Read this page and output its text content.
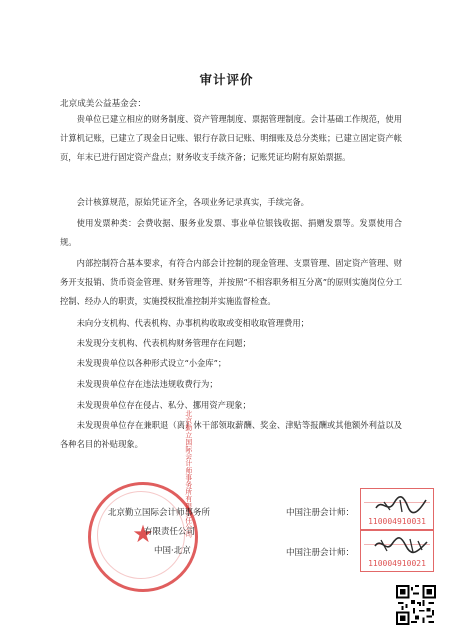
审计评价
北京成美公益基金会：
贵单位已建立相应的财务制度、资产管理制度、票据管理制度。会计基础工作规范，使用计算机记账，已建立了现金日记账、银行存款日记账、明细账及总分类账；已建立固定资产帐页，年末已进行固定资产盘点；财务收支手续齐备；记账凭证均附有原始票据。
会计核算规范，原始凭证齐全，各项业务记录真实，手续完备。
使用发票种类：会费收据、服务业发票、事业单位银钱收据、捐赠发票等。发票使用合规。
内部控制符合基本要求，有符合内部会计控制的现金管理、支票管理、固定资产管理、财务开支报销、货币资金管理、财务管理等，并按照“不相容职务相互分离”的原则实施岗位分工控制、经办人的职责，实施授权批准控制并实施监督检查。
未向分支机构、代表机构、办事机构收取或变相收取管理费用；
未发现分支机构、代表机构财务管理存在问题；
未发现贵单位以各种形式设立“小金库”；
未发现贵单位存在违法违规收费行为；
未发现贵单位存在侵占、私分、挪用资产现象；
未发现贵单位存在兼职退（离）休干部领取薪酬、奖金、津贴等报酬或其他额外利益以及各种名目的补贴现象。	北京勤立国际会计师事务所有限责任公司
★
北京勤立国际会计师事务所
有限责任公司
中国·北京
中国注册会计师：
中国注册会计师：
110004910031
110004910021
